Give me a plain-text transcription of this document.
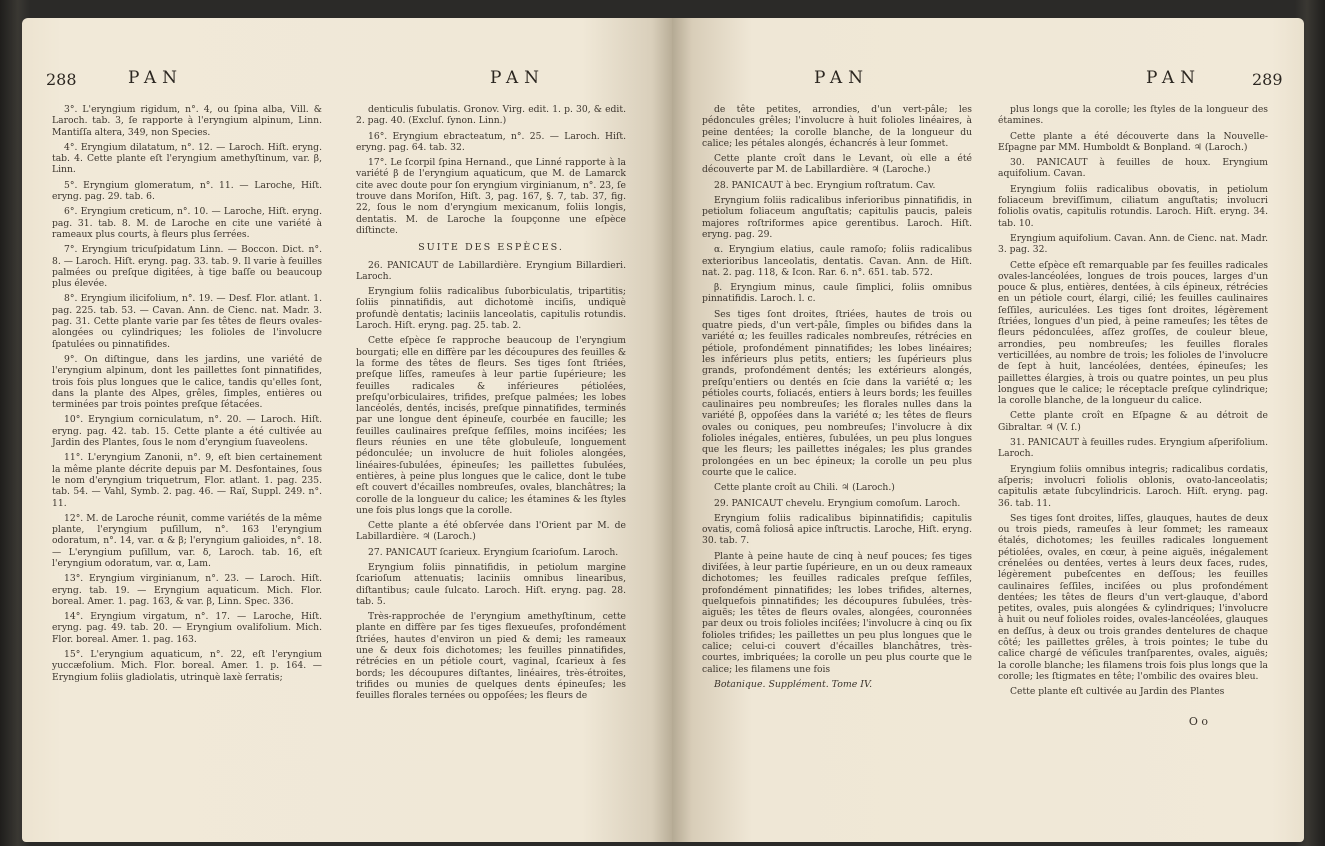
288	PAN	PAN

3°. L'eryngium rigidum, n°. 4, ou ſpina alba, Vill. & Laroch. tab. 3, ſe rapporte à l'eryngium alpinum, Linn. Mantiſſa altera, 349, non Species.

4°. Eryngium dilatatum, n°. 12. — Laroch. Hiſt. eryng. tab. 4. Cette plante eſt l'eryngium amethyſtinum, var. β, Linn.

5°. Eryngium glomeratum, n°. 11. — Laroche, Hiſt. eryng. pag. 29. tab. 6.

6°. Eryngium creticum, n°. 10. — Laroche, Hiſt. eryng. pag. 31. tab. 8. M. de Laroche en cite une variété à rameaux plus courts, à fleurs plus ſerrées.

7°. Eryngium tricuſpidatum Linn. — Boccon. Dict. n°. 8. — Laroch. Hiſt. eryng. pag. 33. tab. 9. Il varie à feuilles palmées ou preſque digitées, à tige baſſe ou beaucoup plus élevée.

8°. Eryngium ilicifolium, n°. 19. — Desf. Flor. atlant. 1. pag. 225. tab. 53. — Cavan. Ann. de Cienc. nat. Madr. 3. pag. 31. Cette plante varie par ſes têtes de fleurs ovales-alongées ou cylindriques; les folioles de l'involucre ſpatulées ou pinnatifides.

9°. On diſtingue, dans les jardins, une variété de l'eryngium alpinum, dont les paillettes ſont pinnatifides, trois fois plus longues que le calice, tandis qu'elles ſont, dans la plante des Alpes, grêles, ſimples, entières ou terminées par trois pointes preſque ſétacées.

10°. Eryngium corniculatum, n°. 20. — Laroch. Hiſt. eryng. pag. 42. tab. 15. Cette plante a été cultivée au Jardin des Plantes, ſous le nom d'eryngium ſuaveolens.

11°. L'eryngium Zanonii, n°. 9, eſt bien certainement la même plante décrite depuis par M. Desfontaines, ſous le nom d'eryngium triquetrum, Flor. atlant. 1. pag. 235. tab. 54. — Vahl, Symb. 2. pag. 46. — Raï, Suppl. 249. n°. 11.

12°. M. de Laroche réunit, comme variétés de la même plante, l'eryngium puſillum, n°. 163 l'eryngium odoratum, n°. 14, var. α & β; l'eryngium galioides, n°. 18. — L'eryngium puſillum, var. δ, Laroch. tab. 16, eſt l'eryngium odoratum, var. α, Lam.

13°. Eryngium virginianum, n°. 23. — Laroch. Hiſt. eryng. tab. 19. — Eryngium aquaticum. Mich. Flor. boreal. Amer. 1. pag. 163, & var. β, Linn. Spec. 336.

14°. Eryngium virgatum, n°. 17. — Laroche, Hiſt. eryng. pag. 49. tab. 20. — Eryngium ovalifolium. Mich. Flor. boreal. Amer. 1. pag. 163.

15°. L'eryngium aquaticum, n°. 22, eſt l'eryngium yuccæfolium. Mich. Flor. boreal. Amer. 1. p. 164. — Eryngium foliis gladiolatis, utrinquè laxè ſerratis;

denticulis ſubulatis. Gronov. Virg. edit. 1. p. 30, & edit. 2. pag. 40. (Excluſ. ſynon. Linn.)

16°. Eryngium ebracteatum, n°. 25. — Laroch. Hiſt. eryng. pag. 64. tab. 32.

17°. Le ſcorpil ſpina Hernand., que Linné rapporte à la variété β de l'eryngium aquaticum, que M. de Lamarck cite avec doute pour ſon eryngium virginianum, n°. 23, ſe trouve dans Moriſon, Hiſt. 3, pag. 167, §. 7, tab. 37, fig. 22, ſous le nom d'eryngium mexicanum, foliis longis, dentatis. M. de Laroche la ſoupçonne une eſpèce diſtincte.

SUITE DES ESPÈCES.

26. PANICAUT de Labillardière. Eryngium Billardieri. Laroch.

Eryngium foliis radicalibus ſuborbiculatis, tripartitis; ſoliis pinnatifidis, aut dichotomè inciſis, undiquè profundè dentatis; laciniis lanceolatis, capitulis rotundis. Laroch. Hiſt. eryng. pag. 25. tab. 2.

Cette eſpèce ſe rapproche beaucoup de l'eryngium bourgati; elle en diffère par les découpures des feuilles & la forme des têtes de fleurs. Ses tiges ſont ſtriées, preſque liſſes, rameuſes à leur partie ſupérieure; les feuilles radicales & inférieures pétiolées, preſqu'orbiculaires, trifides, preſque palmées; les lobes lancéolés, dentés, incisés, preſque pinnatifides, terminés par une longue dent épineuſe, courbée en faucille; les feuilles caulinaires preſque ſeſſiles, moins inciſées; les fleurs réunies en une tête globuleuſe, longuement pédonculée; un involucre de huit folioles alongées, linéaires-ſubulées, épineuſes; les paillettes ſubulées, entières, à peine plus longues que le calice, dont le tube eſt couvert d'écailles nombreuſes, ovales, blanchâtres; la corolle de la longueur du calice; les étamines & les ſtyles une fois plus longs que la corolle.

Cette plante a été obſervée dans l'Orient par M. de Labillardière. ♃ (Laroch.)

27. PANICAUT ſcarieux. Eryngium ſcarioſum. Laroch.

Eryngium foliis pinnatifidis, in petiolum margine ſcarioſum attenuatis; laciniis omnibus linearibus, diſtantibus; caule ſulcato. Laroch. Hiſt. eryng. pag. 28. tab. 5.

Très-rapprochée de l'eryngium amethyſtinum, cette plante en diffère par ſes tiges flexueuſes, profondément ſtriées, hautes d'environ un pied & demi; les rameaux une & deux fois dichotomes; les feuilles pinnatifides, rétrécies en un pétiole court, vaginal, ſcarieux à ſes bords; les découpures diſtantes, linéaires, très-étroites, trifides ou munies de quelques dents épineuſes; les feuilles florales ternées ou oppoſées; les fleurs de

PAN	PAN	289

de tête petites, arrondies, d'un vert-pâle; les pédoncules grêles; l'involucre à huit folioles linéaires, à peine dentées; la corolle blanche, de la longueur du calice; les pétales alongés, échancrés à leur ſommet.

Cette plante croît dans le Levant, où elle a été découverte par M. de Labillardière. ♃ (Laroche.)

28. PANICAUT à bec. Eryngium roſtratum. Cav.

Eryngium foliis radicalibus inferioribus pinnatifidis, in petiolum foliaceum anguſtatis; capitulis paucis, paleis majores roſtriformes apice gerentibus. Laroch. Hiſt. eryng. pag. 29.

α. Eryngium elatius, caule ramoſo; foliis radicalibus exterioribus lanceolatis, dentatis. Cavan. Ann. de Hiſt. nat. 2. pag. 118, & Icon. Rar. 6. n°. 651. tab. 572.

β. Eryngium minus, caule ſimplici, foliis omnibus pinnatifidis. Laroch. l. c.

Ses tiges ſont droites, ſtriées, hautes de trois ou quatre pieds, d'un vert-pâle, ſimples ou bifides dans la variété α; les feuilles radicales nombreuſes, rétrécies en pétiole, profondément pinnatifides; les lobes linéaires; les inférieurs plus petits, entiers; les ſupérieurs plus grands, profondément dentés; les extérieurs alongés, preſqu'entiers ou dentés en ſcie dans la variété α; les pétioles courts, foliacés, entiers à leurs bords; les feuilles caulinaires peu nombreuſes; les florales nulles dans la variété β, oppoſées dans la variété α; les têtes de fleurs ovales ou coniques, peu nombreuſes; l'involucre à dix folioles inégales, entières, ſubulées, un peu plus longues que les fleurs; les paillettes inégales; les plus grandes prolongées en un bec épineux; la corolle un peu plus courte que le calice.

Cette plante croît au Chili. ♃ (Laroch.)

29. PANICAUT chevelu. Eryngium comoſum. Laroch.

Eryngium foliis radicalibus bipinnatifidis; capitulis ovatis, comâ foliosâ apice inſtructis. Laroche, Hiſt. eryng. 30. tab. 7.

Plante à peine haute de cinq à neuf pouces; ſes tiges diviſées, à leur partie ſupérieure, en un ou deux rameaux dichotomes; les feuilles radicales preſque ſeſſiles, profondément pinnatifides; les lobes trifides, alternes, quelquefois pinnatifides; les découpures ſubulées, très-aiguës; les têtes de fleurs ovales, alongées, couronnées par deux ou trois folioles inciſées; l'involucre à cinq ou ſix folioles trifides; les paillettes un peu plus longues que le calice; celui-ci couvert d'écailles blanchâtres, très-courtes, imbriquées; la corolle un peu plus courte que le calice; les filamens une fois

Botanique. Supplément. Tome IV.

plus longs que la corolle; les ſtyles de la longueur des étamines.

Cette plante a été découverte dans la Nouvelle-Eſpagne par MM. Humboldt & Bonpland. ♃ (Laroch.)

30. PANICAUT à feuilles de houx. Eryngium aquifolium. Cavan.

Eryngium foliis radicalibus obovatis, in petiolum foliaceum breviſſimum, ciliatum anguſtatis; involucri foliolis ovatis, capitulis rotundis. Laroch. Hiſt. eryng. 34. tab. 10.

Eryngium aquifolium. Cavan. Ann. de Cienc. nat. Madr. 3. pag. 32.

Cette eſpèce eſt remarquable par ſes feuilles radicales ovales-lancéolées, longues de trois pouces, larges d'un pouce & plus, entières, dentées, à cils épineux, rétrécies en un pétiole court, élargi, cilié; les feuilles caulinaires ſeſſiles, auriculées. Les tiges ſont droites, légèrement ſtriées, longues d'un pied, à peine rameuſes; les têtes de fleurs pédonculées, aſſez groſſes, de couleur bleue, arrondies, peu nombreuſes; les feuilles florales verticillées, au nombre de trois; les folioles de l'involucre de ſept à huit, lancéolées, dentées, épineuſes; les paillettes élargies, à trois ou quatre pointes, un peu plus longues que le calice; le réceptacle preſque cylindrique; la corolle blanche, de la longueur du calice.

Cette plante croît en Eſpagne & au détroit de Gibraltar. ♃ (V. ſ.)

31. PANICAUT à feuilles rudes. Eryngium aſperifolium. Laroch.

Eryngium foliis omnibus integris; radicalibus cordatis, aſperis; involucri foliolis oblonis, ovato-lanceolatis; capitulis ætate ſubcylindricis. Laroch. Hiſt. eryng. pag. 36. tab. 11.

Ses tiges ſont droites, liſſes, glauques, hautes de deux ou trois pieds, rameuſes à leur ſommet; les rameaux étalés, dichotomes; les feuilles radicales longuement pétiolées, ovales, en cœur, à peine aiguës, inégalement crénelées ou dentées, vertes à leurs deux faces, rudes, légèrement pubeſcentes en deſſous; les feuilles caulinaires ſeſſiles, inciſées ou plus profondément dentées; les têtes de fleurs d'un vert-glauque, d'abord petites, ovales, puis alongées & cylindriques; l'involucre à huit ou neuf folioles roides, ovales-lancéolées, glauques en deſſus, à deux ou trois grandes dentelures de chaque côté; les paillettes grêles, à trois pointes; le tube du calice chargé de véſicules tranſparentes, ovales, aiguës; la corolle blanche; les filamens trois fois plus longs que la corolle; les ſtigmates en tête; l'ombilic des ovaires bleu.

Cette plante eſt cultivée au Jardin des Plantes

O o
